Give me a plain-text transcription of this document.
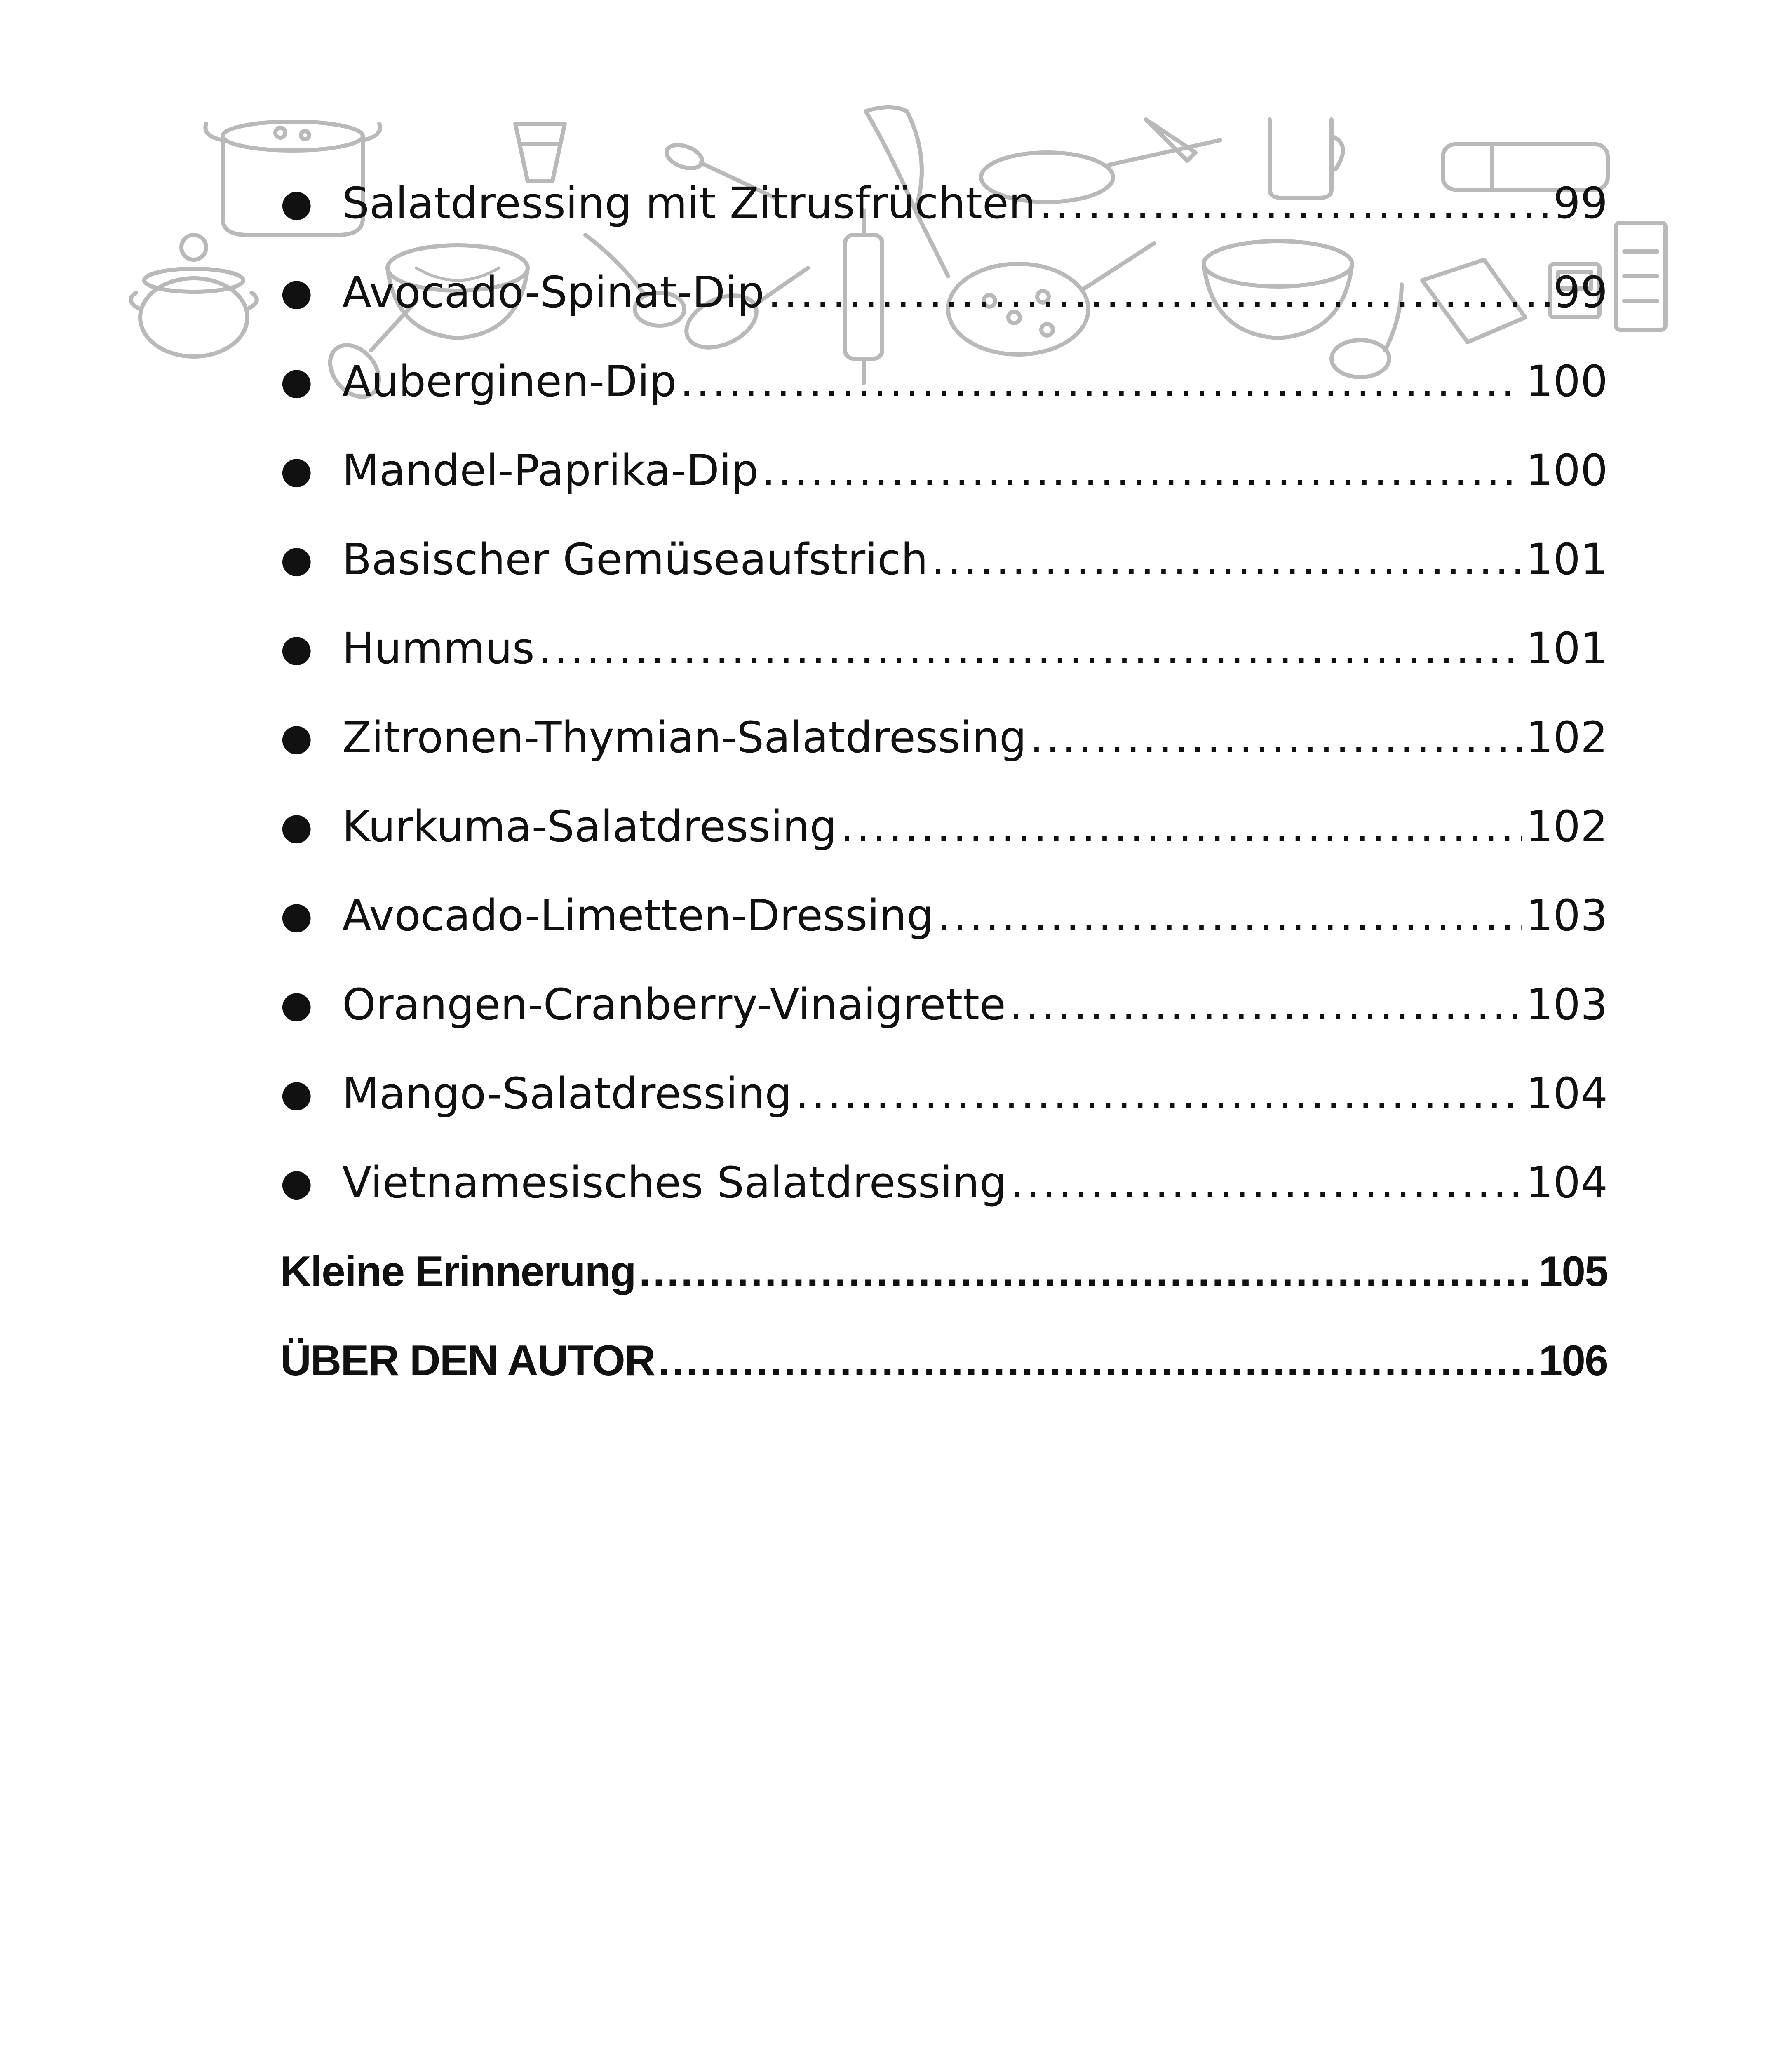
● Salatdressing mit Zitrusfrüchten .....	99
● Avocado-Spinat-Dip .....	99
● Auberginen-Dip .....	100
● Mandel-Paprika-Dip .....	100
● Basischer Gemüseaufstrich .....	101
● Hummus .....	101
● Zitronen-Thymian-Salatdressing .....	102
● Kurkuma-Salatdressing .....	102
● Avocado-Limetten-Dressing .....	103
● Orangen-Cranberry-Vinaigrette .....	103
● Mango-Salatdressing .....	104
● Vietnamesisches Salatdressing .....	104
Kleine Erinnerung .....	105
ÜBER DEN AUTOR .....	106
